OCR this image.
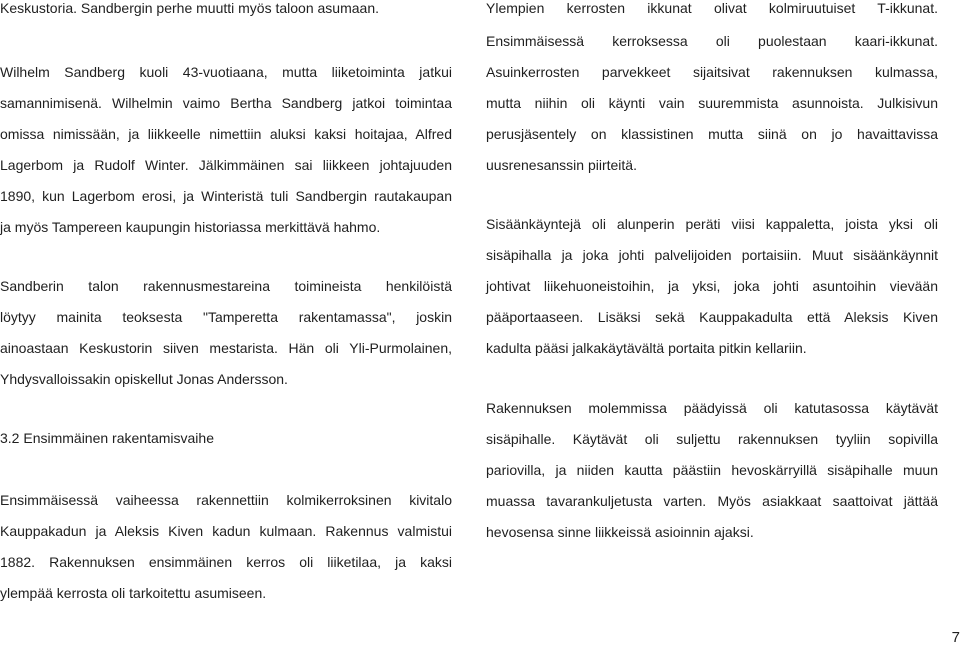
Keskustoria. Sandbergin perhe muutti myös taloon asumaan.
Wilhelm Sandberg kuoli 43-vuotiaana, mutta liiketoiminta jatkui
samannimisenä. Wilhelmin vaimo Bertha Sandberg jatkoi toimintaa
omissa nimissään, ja liikkeelle nimettiin aluksi kaksi hoitajaa, Alfred
Lagerbom ja Rudolf Winter. Jälkimmäinen sai liikkeen johtajuuden
1890, kun Lagerbom erosi, ja Winteristä tuli Sandbergin rautakaupan
ja myös Tampereen kaupungin historiassa merkittävä hahmo.
Sandberin talon rakennusmestareina toimineista henkilöistä
löytyy mainita teoksesta "Tamperetta rakentamassa", joskin
ainoastaan Keskustorin siiven mestarista. Hän oli Yli-Purmolainen,
Yhdysvalloissakin opiskellut Jonas Andersson.
3.2 Ensimmäinen rakentamisvaihe
Ensimmäisessä vaiheessa rakennettiin kolmikerroksinen kivitalo
Kauppakadun ja Aleksis Kiven kadun kulmaan. Rakennus valmistui
1882. Rakennuksen ensimmäinen kerros oli liiketilaa, ja kaksi
ylempää kerrosta oli tarkoitettu asumiseen.
Ylempien kerrosten ikkunat olivat kolmiruutuiset T-ikkunat.
Ensimmäisessä kerroksessa oli puolestaan kaari-ikkunat.
Asuinkerrosten parvekkeet sijaitsivat rakennuksen kulmassa,
mutta niihin oli käynti vain suuremmista asunnoista. Julkisivun
perusjäsentely on klassistinen mutta siinä on jo havaittavissa
uusrenesanssin piirteitä.
Sisäänkäyntejä oli alunperin peräti viisi kappaletta, joista yksi oli
sisäpihalla ja joka johti palvelijoiden portaisiin. Muut sisäänkäynnit
johtivat liikehuoneistoihin, ja yksi, joka johti asuntoihin vievään
pääportaaseen. Lisäksi sekä Kauppakadulta että Aleksis Kiven
kadulta pääsi jalkakäytävältä portaita pitkin kellariin.
Rakennuksen molemmissa päädyissä oli katutasossa käytävät
sisäpihalle. Käytävät oli suljettu rakennuksen tyyliin sopivilla
pariovilla, ja niiden kautta päästiin hevoskärryillä sisäpihalle muun
muassa tavarankuljetusta varten. Myös asiakkaat saattoivat jättää
hevosensa sinne liikkeissä asioinnin ajaksi.
7
